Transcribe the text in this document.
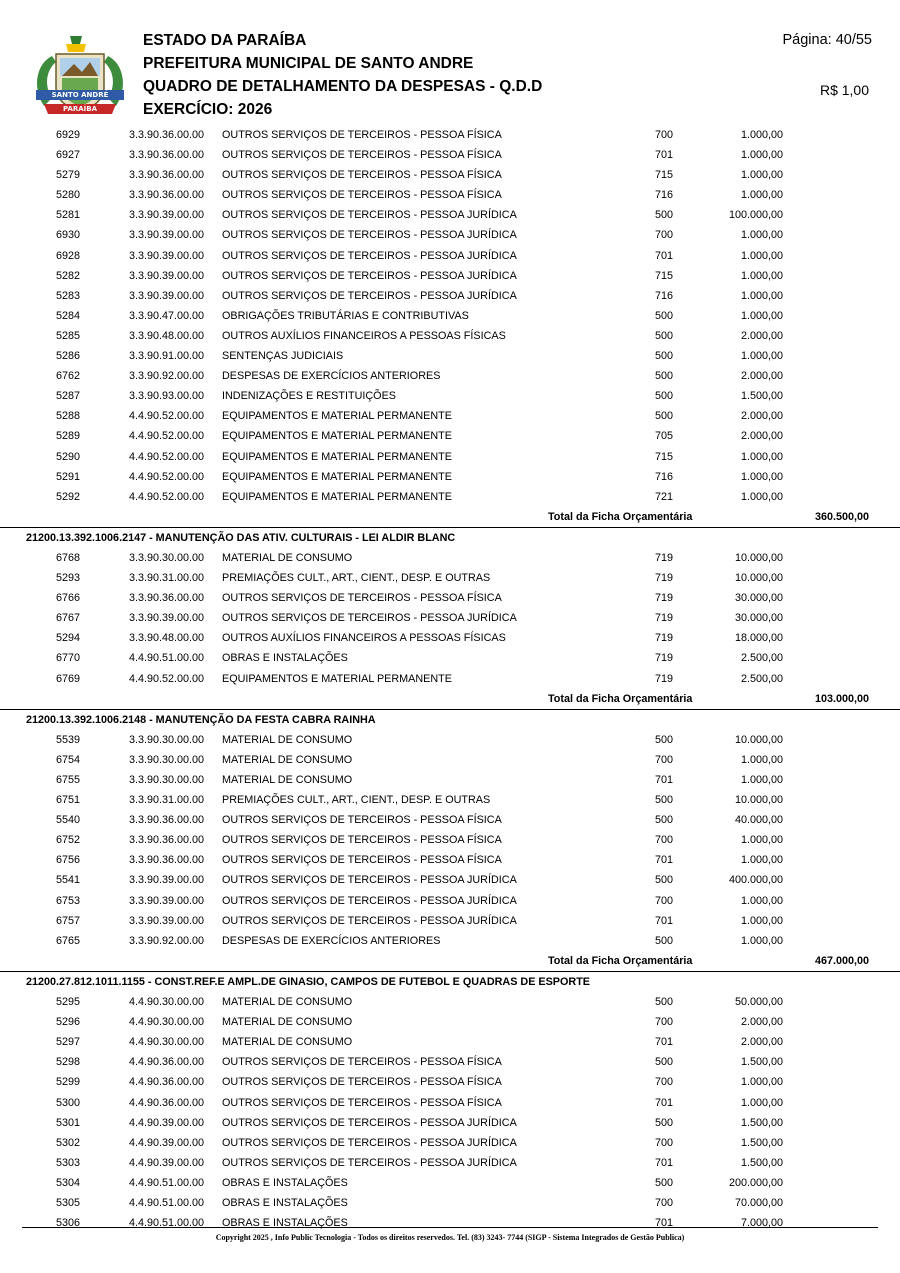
SANTO ANDRÉ
PARAÍBA
ESTADO DA PARAÍBA
PREFEITURA MUNICIPAL DE SANTO ANDRE
QUADRO DE DETALHAMENTO DA DESPESAS - Q.D.D
EXERCÍCIO: 2026
Página: 40/55
R$ 1,00
6929	3.3.90.36.00.00 OUTROS SERVIÇOS DE TERCEIROS - PESSOA FÍSICA	700	1.000,00
6927	3.3.90.36.00.00 OUTROS SERVIÇOS DE TERCEIROS - PESSOA FÍSICA	701	1.000,00
5279	3.3.90.36.00.00 OUTROS SERVIÇOS DE TERCEIROS - PESSOA FÍSICA	715	1.000,00
5280	3.3.90.36.00.00 OUTROS SERVIÇOS DE TERCEIROS - PESSOA FÍSICA	716	1.000,00
5281	3.3.90.39.00.00 OUTROS SERVIÇOS DE TERCEIROS - PESSOA JURÍDICA	500	100.000,00
6930	3.3.90.39.00.00 OUTROS SERVIÇOS DE TERCEIROS - PESSOA JURÍDICA	700	1.000,00
6928	3.3.90.39.00.00 OUTROS SERVIÇOS DE TERCEIROS - PESSOA JURÍDICA	701	1.000,00
5282	3.3.90.39.00.00 OUTROS SERVIÇOS DE TERCEIROS - PESSOA JURÍDICA	715	1.000,00
5283	3.3.90.39.00.00 OUTROS SERVIÇOS DE TERCEIROS - PESSOA JURÍDICA	716	1.000,00
5284	3.3.90.47.00.00 OBRIGAÇÕES TRIBUTÁRIAS E CONTRIBUTIVAS	500	1.000,00
5285	3.3.90.48.00.00 OUTROS AUXÍLIOS FINANCEIROS A PESSOAS FÍSICAS	500	2.000,00
5286	3.3.90.91.00.00 SENTENÇAS JUDICIAIS	500	1.000,00
6762	3.3.90.92.00.00 DESPESAS DE EXERCÍCIOS ANTERIORES	500	2.000,00
5287	3.3.90.93.00.00 INDENIZAÇÕES E RESTITUIÇÕES	500	1.500,00
5288	4.4.90.52.00.00 EQUIPAMENTOS E MATERIAL PERMANENTE	500	2.000,00
5289	4.4.90.52.00.00 EQUIPAMENTOS E MATERIAL PERMANENTE	705	2.000,00
5290	4.4.90.52.00.00 EQUIPAMENTOS E MATERIAL PERMANENTE	715	1.000,00
5291	4.4.90.52.00.00 EQUIPAMENTOS E MATERIAL PERMANENTE	716	1.000,00
5292	4.4.90.52.00.00 EQUIPAMENTOS E MATERIAL PERMANENTE	721	1.000,00
Total da Ficha Orçamentária	360.500,00
21200.13.392.1006.2147 - MANUTENÇÃO DAS ATIV. CULTURAIS - LEI ALDIR BLANC
6768	3.3.90.30.00.00 MATERIAL DE CONSUMO	719	10.000,00
5293	3.3.90.31.00.00 PREMIAÇÕES CULT., ART., CIENT., DESP. E OUTRAS	719	10.000,00
6766	3.3.90.36.00.00 OUTROS SERVIÇOS DE TERCEIROS - PESSOA FÍSICA	719	30.000,00
6767	3.3.90.39.00.00 OUTROS SERVIÇOS DE TERCEIROS - PESSOA JURÍDICA	719	30.000,00
5294	3.3.90.48.00.00 OUTROS AUXÍLIOS FINANCEIROS A PESSOAS FÍSICAS	719	18.000,00
6770	4.4.90.51.00.00 OBRAS E INSTALAÇÕES	719	2.500,00
6769	4.4.90.52.00.00 EQUIPAMENTOS E MATERIAL PERMANENTE	719	2.500,00
Total da Ficha Orçamentária	103.000,00
21200.13.392.1006.2148 - MANUTENÇÃO DA FESTA CABRA RAINHA
5539	3.3.90.30.00.00 MATERIAL DE CONSUMO	500	10.000,00
6754	3.3.90.30.00.00 MATERIAL DE CONSUMO	700	1.000,00
6755	3.3.90.30.00.00 MATERIAL DE CONSUMO	701	1.000,00
6751	3.3.90.31.00.00 PREMIAÇÕES CULT., ART., CIENT., DESP. E OUTRAS	500	10.000,00
5540	3.3.90.36.00.00 OUTROS SERVIÇOS DE TERCEIROS - PESSOA FÍSICA	500	40.000,00
6752	3.3.90.36.00.00 OUTROS SERVIÇOS DE TERCEIROS - PESSOA FÍSICA	700	1.000,00
6756	3.3.90.36.00.00 OUTROS SERVIÇOS DE TERCEIROS - PESSOA FÍSICA	701	1.000,00
5541	3.3.90.39.00.00 OUTROS SERVIÇOS DE TERCEIROS - PESSOA JURÍDICA	500	400.000,00
6753	3.3.90.39.00.00 OUTROS SERVIÇOS DE TERCEIROS - PESSOA JURÍDICA	700	1.000,00
6757	3.3.90.39.00.00 OUTROS SERVIÇOS DE TERCEIROS - PESSOA JURÍDICA	701	1.000,00
6765	3.3.90.92.00.00 DESPESAS DE EXERCÍCIOS ANTERIORES	500	1.000,00
Total da Ficha Orçamentária	467.000,00
21200.27.812.1011.1155 - CONST.REF.E AMPL.DE GINASIO, CAMPOS DE FUTEBOL E QUADRAS DE ESPORTE
5295	4.4.90.30.00.00 MATERIAL DE CONSUMO	500	50.000,00
5296	4.4.90.30.00.00 MATERIAL DE CONSUMO	700	2.000,00
5297	4.4.90.30.00.00 MATERIAL DE CONSUMO	701	2.000,00
5298	4.4.90.36.00.00 OUTROS SERVIÇOS DE TERCEIROS - PESSOA FÍSICA	500	1.500,00
5299	4.4.90.36.00.00 OUTROS SERVIÇOS DE TERCEIROS - PESSOA FÍSICA	700	1.000,00
5300	4.4.90.36.00.00 OUTROS SERVIÇOS DE TERCEIROS - PESSOA FÍSICA	701	1.000,00
5301	4.4.90.39.00.00 OUTROS SERVIÇOS DE TERCEIROS - PESSOA JURÍDICA	500	1.500,00
5302	4.4.90.39.00.00 OUTROS SERVIÇOS DE TERCEIROS - PESSOA JURÍDICA	700	1.500,00
5303	4.4.90.39.00.00 OUTROS SERVIÇOS DE TERCEIROS - PESSOA JURÍDICA	701	1.500,00
5304	4.4.90.51.00.00 OBRAS E INSTALAÇÕES	500	200.000,00
5305	4.4.90.51.00.00 OBRAS E INSTALAÇÕES	700	70.000,00
5306	4.4.90.51.00.00 OBRAS E INSTALAÇÕES	701	7.000,00
Copyright 2025 , Info Public Tecnologia - Todos os direitos reservedos. Tel. (83) 3243- 7744 (SIGP - Sistema Integrados de Gestão Publica)
